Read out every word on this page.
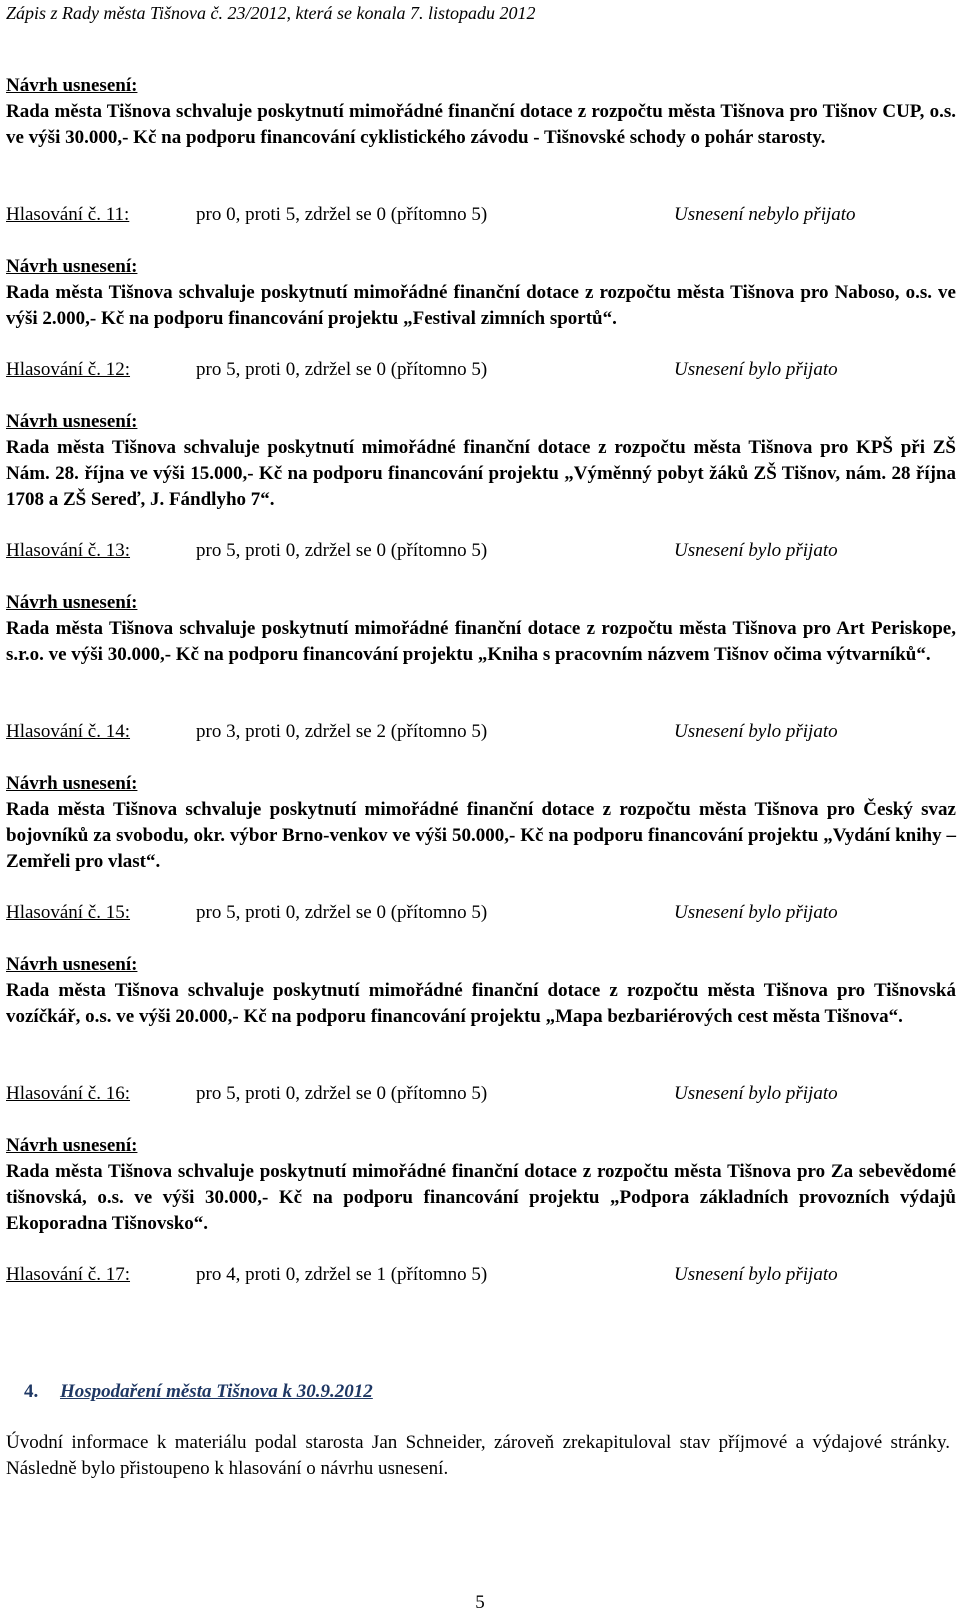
Zápis z Rady města Tišnova č. 23/2012, která se konala 7. listopadu 2012
Návrh usnesení:
Rada města Tišnova schvaluje poskytnutí mimořádné finanční dotace z rozpočtu města Tišnova pro Tišnov CUP, o.s. ve výši 30.000,- Kč na podporu financování cyklistického závodu - Tišnovské schody o pohár starosty.
Hlasování č. 11:	pro 0, proti 5, zdržel se 0 (přítomno 5)	Usnesení nebylo přijato
Návrh usnesení:
Rada města Tišnova schvaluje poskytnutí mimořádné finanční dotace z rozpočtu města Tišnova pro Naboso, o.s. ve výši 2.000,- Kč na podporu financování projektu „Festival zimních sportů“.
Hlasování č. 12:	pro 5, proti 0, zdržel se 0 (přítomno 5)	Usnesení bylo přijato
Návrh usnesení:
Rada města Tišnova schvaluje poskytnutí mimořádné finanční dotace z rozpočtu města Tišnova pro KPŠ při ZŠ Nám. 28. října ve výši 15.000,- Kč na podporu financování projektu „Výměnný pobyt žáků ZŠ Tišnov, nám. 28 října 1708 a ZŠ Sereď, J. Fándlyho 7“.
Hlasování č. 13:	pro 5, proti 0, zdržel se 0 (přítomno 5)	Usnesení bylo přijato
Návrh usnesení:
Rada města Tišnova schvaluje poskytnutí mimořádné finanční dotace z rozpočtu města Tišnova pro Art Periskope, s.r.o. ve výši 30.000,- Kč na podporu financování projektu „Kniha s pracovním názvem Tišnov očima výtvarníků“.
Hlasování č. 14:	pro 3, proti 0, zdržel se 2 (přítomno 5)	Usnesení bylo přijato
Návrh usnesení:
Rada města Tišnova schvaluje poskytnutí mimořádné finanční dotace z rozpočtu města Tišnova pro Český svaz bojovníků za svobodu, okr. výbor Brno-venkov ve výši 50.000,- Kč na podporu financování projektu „Vydání knihy – Zemřeli pro vlast“.
Hlasování č. 15:	pro 5, proti 0, zdržel se 0 (přítomno 5)	Usnesení bylo přijato
Návrh usnesení:
Rada města Tišnova schvaluje poskytnutí mimořádné finanční dotace z rozpočtu města Tišnova pro Tišnovská vozíčkář, o.s. ve výši 20.000,- Kč na podporu financování projektu „Mapa bezbariérových cest města Tišnova“.
Hlasování č. 16:	pro 5, proti 0, zdržel se 0 (přítomno 5)	Usnesení bylo přijato
Návrh usnesení:
Rada města Tišnova schvaluje poskytnutí mimořádné finanční dotace z rozpočtu města Tišnova pro Za sebevědomé tišnovská, o.s. ve výši 30.000,- Kč na podporu financování projektu „Podpora základních provozních výdajů Ekoporadna Tišnovsko“.
Hlasování č. 17:	pro 4, proti 0, zdržel se 1 (přítomno 5)	Usnesení bylo přijato
4. Hospodaření města Tišnova k 30.9.2012
Úvodní informace k materiálu podal starosta Jan Schneider, zároveň zrekapituloval stav příjmové a výdajové stránky. Následně bylo přistoupeno k hlasování o návrhu usnesení.
5
